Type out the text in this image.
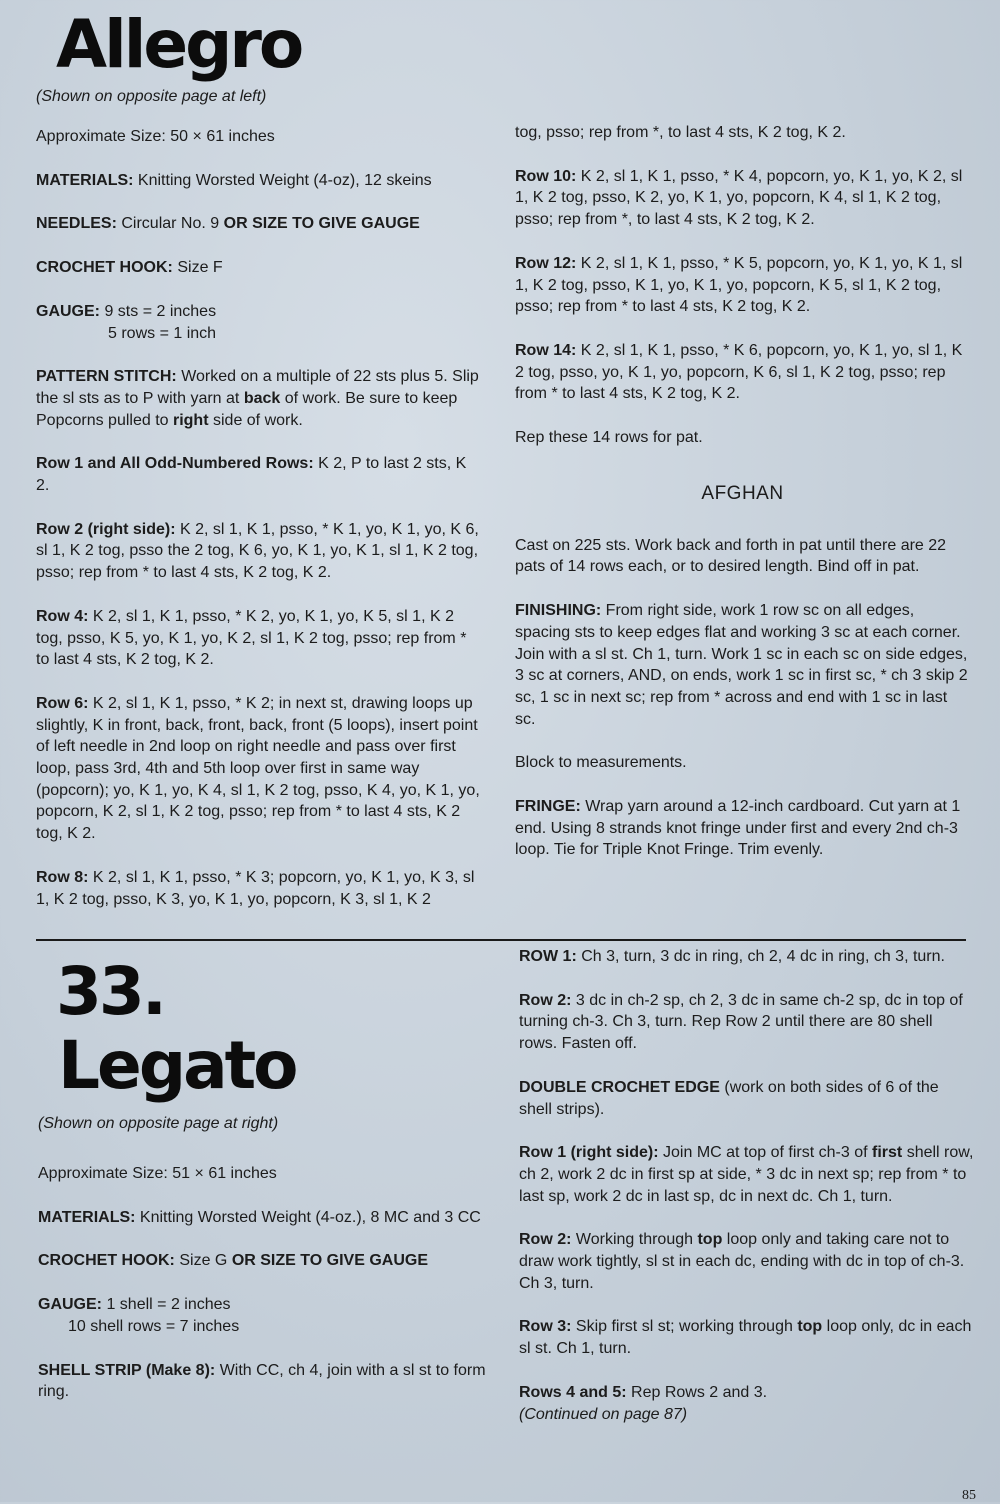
Allegro
(Shown on opposite page at left)

Approximate Size: 50 × 61 inches

MATERIALS: Knitting Worsted Weight (4-oz), 12 skeins

NEEDLES: Circular No. 9 OR SIZE TO GIVE GAUGE

CROCHET HOOK: Size F

GAUGE: 9 sts = 2 inches
5 rows = 1 inch

PATTERN STITCH: Worked on a multiple of 22 sts plus 5. Slip the sl sts as to P with yarn at back of work. Be sure to keep Popcorns pulled to right side of work.

Row 1 and All Odd-Numbered Rows: K 2, P to last 2 sts, K 2.

Row 2 (right side): K 2, sl 1, K 1, psso, * K 1, yo, K 1, yo, K 6, sl 1, K 2 tog, psso the 2 tog, K 6, yo, K 1, yo, K 1, sl 1, K 2 tog, psso; rep from * to last 4 sts, K 2 tog, K 2.

Row 4: K 2, sl 1, K 1, psso, * K 2, yo, K 1, yo, K 5, sl 1, K 2 tog, psso, K 5, yo, K 1, yo, K 2, sl 1, K 2 tog, psso; rep from * to last 4 sts, K 2 tog, K 2.

Row 6: K 2, sl 1, K 1, psso, * K 2; in next st, drawing loops up slightly, K in front, back, front, back, front (5 loops), insert point of left needle in 2nd loop on right needle and pass over first loop, pass 3rd, 4th and 5th loop over first in same way (popcorn); yo, K 1, yo, K 4, sl 1, K 2 tog, psso, K 4, yo, K 1, yo, popcorn, K 2, sl 1, K 2 tog, psso; rep from * to last 4 sts, K 2 tog, K 2.

Row 8: K 2, sl 1, K 1, psso, * K 3; popcorn, yo, K 1, yo, K 3, sl 1, K 2 tog, psso, K 3, yo, K 1, yo, popcorn, K 3, sl 1, K 2

tog, psso; rep from *, to last 4 sts, K 2 tog, K 2.

Row 10: K 2, sl 1, K 1, psso, * K 4, popcorn, yo, K 1, yo, K 2, sl 1, K 2 tog, psso, K 2, yo, K 1, yo, popcorn, K 4, sl 1, K 2 tog, psso; rep from *, to last 4 sts, K 2 tog, K 2.

Row 12: K 2, sl 1, K 1, psso, * K 5, popcorn, yo, K 1, yo, K 1, sl 1, K 2 tog, psso, K 1, yo, K 1, yo, popcorn, K 5, sl 1, K 2 tog, psso; rep from * to last 4 sts, K 2 tog, K 2.

Row 14: K 2, sl 1, K 1, psso, * K 6, popcorn, yo, K 1, yo, sl 1, K 2 tog, psso, yo, K 1, yo, popcorn, K 6, sl 1, K 2 tog, psso; rep from * to last 4 sts, K 2 tog, K 2.

Rep these 14 rows for pat.

AFGHAN

Cast on 225 sts. Work back and forth in pat until there are 22 pats of 14 rows each, or to desired length. Bind off in pat.

FINISHING: From right side, work 1 row sc on all edges, spacing sts to keep edges flat and working 3 sc at each corner. Join with a sl st. Ch 1, turn. Work 1 sc in each sc on side edges, 3 sc at corners, AND, on ends, work 1 sc in first sc, * ch 3 skip 2 sc, 1 sc in next sc; rep from * across and end with 1 sc in last sc.

Block to measurements.

FRINGE: Wrap yarn around a 12-inch cardboard. Cut yarn at 1 end. Using 8 strands knot fringe under first and every 2nd ch-3 loop. Tie for Triple Knot Fringe. Trim evenly.

33.
Legato
(Shown on opposite page at right)

Approximate Size: 51 × 61 inches

MATERIALS: Knitting Worsted Weight (4-oz.), 8 MC and 3 CC

CROCHET HOOK: Size G OR SIZE TO GIVE GAUGE

GAUGE: 1 shell = 2 inches
10 shell rows = 7 inches

SHELL STRIP (Make 8): With CC, ch 4, join with a sl st to form ring.

ROW 1: Ch 3, turn, 3 dc in ring, ch 2, 4 dc in ring, ch 3, turn.

Row 2: 3 dc in ch-2 sp, ch 2, 3 dc in same ch-2 sp, dc in top of turning ch-3. Ch 3, turn. Rep Row 2 until there are 80 shell rows. Fasten off.

DOUBLE CROCHET EDGE (work on both sides of 6 of the shell strips).

Row 1 (right side): Join MC at top of first ch-3 of first shell row, ch 2, work 2 dc in first sp at side, * 3 dc in next sp; rep from * to last sp, work 2 dc in last sp, dc in next dc. Ch 1, turn.

Row 2: Working through top loop only and taking care not to draw work tightly, sl st in each dc, ending with dc in top of ch-3. Ch 3, turn.

Row 3: Skip first sl st; working through top loop only, dc in each sl st. Ch 1, turn.

Rows 4 and 5: Rep Rows 2 and 3.
(Continued on page 87)

85
